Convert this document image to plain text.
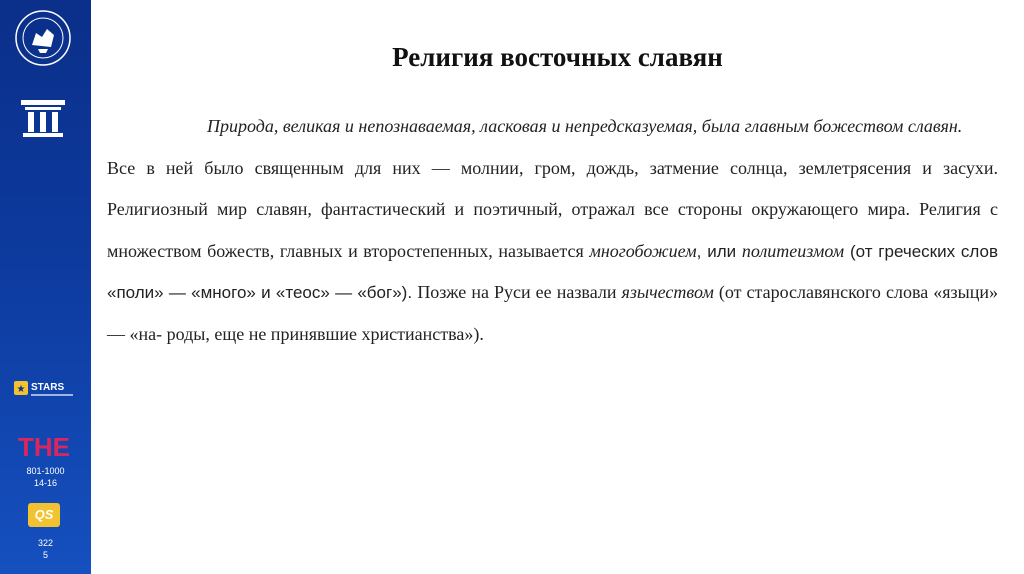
★ STARS
THE
801-1000
14-16
QS
322
5
Религия восточных славян

Природа, великая и непознаваемая, ласковая и непредсказуемая, была главным божеством славян.

Все в ней было священным для них — молнии, гром, дождь, затмение солнца, землетрясения и засухи. Религиозный мир славян, фантастический и поэтичный, отражал все стороны окружающего мира. Религия с множеством божеств, главных и второстепенных, называется многобожием, или политеизмом (от греческих слов «поли» — «много» и «теос» — «бог»). Позже на Руси ее назвали язычеством (от старославянского слова «языци» — «на- роды, еще не принявшие христианства»).
